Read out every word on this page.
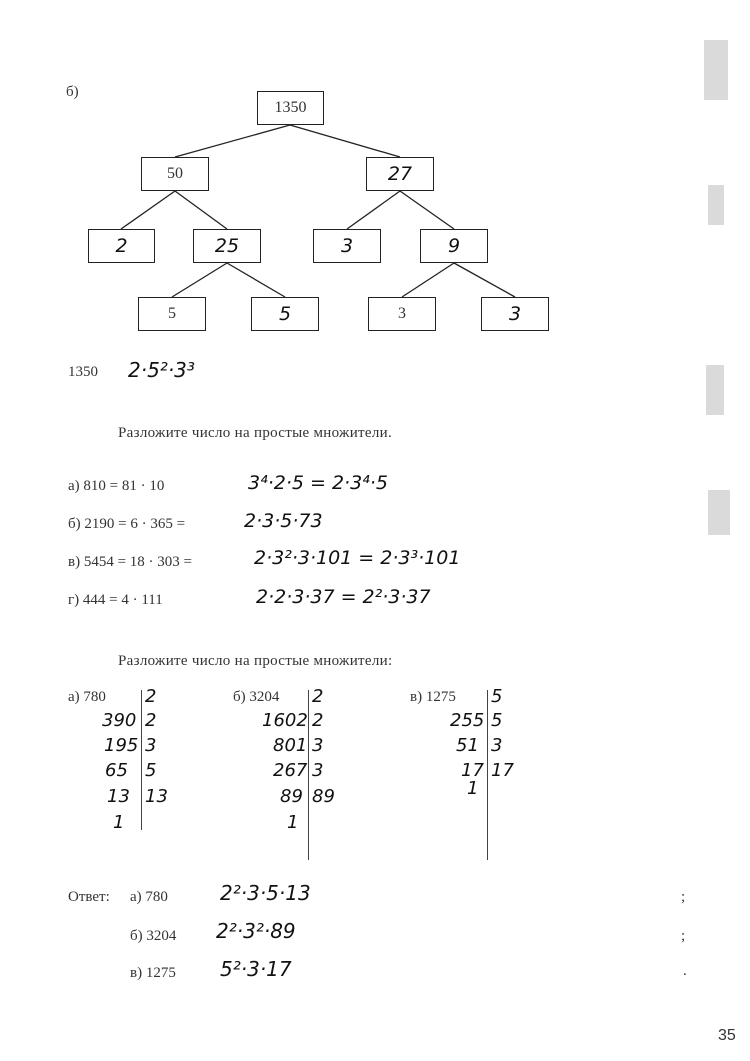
б)
1350
50	27
2	25	3	9
5	5	3	3
1350 2·5²·3³
Разложите число на простые множители.
а) 810 = 81 · 10	3⁴·2·5 = 2·3⁴·5
б) 2190 = 6 · 365 =	2·3·5·73
в) 5454 = 18 · 303 =	2·3²·3·101 = 2·3³·101
г) 444 = 4 · 111	2·2·3·37 = 2²·3·37
Разложите число на простые множители:
а) 780 2
390 2
195 3
65 5
13 13
1
б) 3204 2
1602 2
801 3
267 3
89 89
1
в) 1275 5
255 5
51 3
17 17
1
Ответ: а) 780	2²·3·5·13	;
б) 3204 2²·3²·89	;
в) 1275 5²·3·17	.
35
